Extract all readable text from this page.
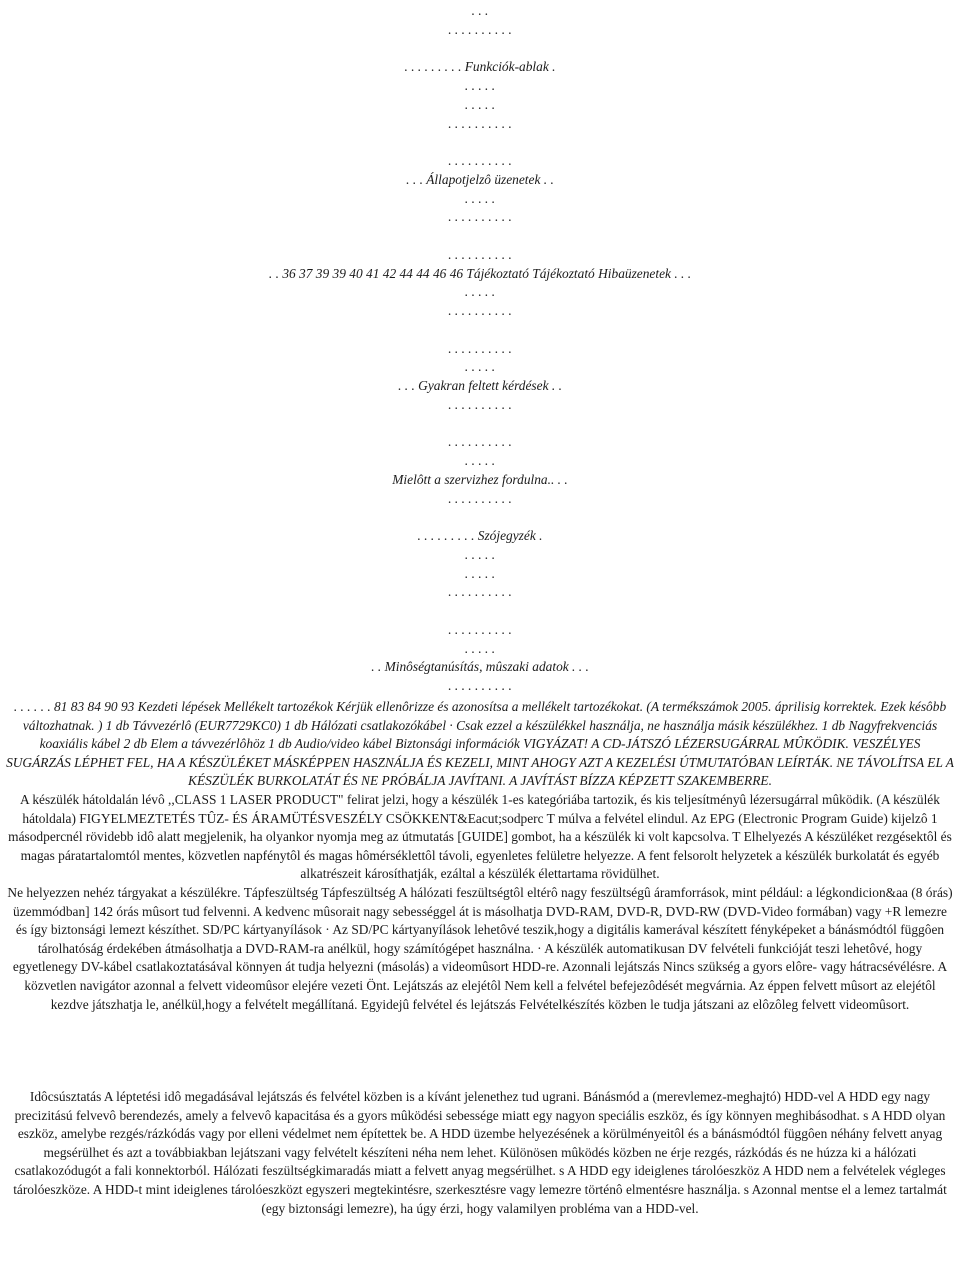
. . .
. . . . . . . . . .
. . . . . . . . . Funkciók-ablak .
. . . . .
. . . . .
. . . . . . . . . .
. . . . . . . . . .
. . . Állapotjelzô üzenetek . .
. . . . .
. . . . . . . . . .
. . . . . . . . . .
. . 36 37 39 39 40 41 42 44 44 46 46 Tájékoztató Tájékoztató Hibaüzenetek . . .
. . . . .
. . . . . . . . . .
. . . . . . . . . .
. . . . .
. . . Gyakran feltett kérdések . .
. . . . . . . . . .
. . . . . . . . . .
. . . . .
Mielôtt a szervizhez fordulna.. . .
. . . . . . . . . .
. . . . . . . . . Szójegyzék .
. . . . .
. . . . .
. . . . . . . . . .
. . . . . . . . . .
. . . . .
. . Minôségtanúsítás, mûszaki adatok . . .
. . . . . . . . . .

. . . . . . 81 83 84 90 93 Kezdeti lépések Mellékelt tartozékok Kérjük ellenôrizze és azonosítsa a mellékelt tartozékokat. (A termékszámok 2005. áprilisig korrektek. Ezek késôbb változhatnak. ) 1 db Távvezérlô (EUR7729KC0) 1 db Hálózati csatlakozókábel · Csak ezzel a készülékkel használja, ne használja másik készülékhez. 1 db Nagyfrekvenciás koaxiális kábel 2 db Elem a távvezérlôhöz 1 db Audio/video kábel Biztonsági információk VIGYÁZAT! A CD-JÁTSZÓ LÉZERSUGÁRRAL MÛKÖDIK. VESZÉLYES SUGÁRZÁS LÉPHET FEL, HA A KÉSZÜLÉKET MÁSKÉPPEN HASZNÁLJA ÉS KEZELI, MINT AHOGY AZT A KEZELÉSI ÚTMUTATÓBAN LEÍRTÁK. NE TÁVOLÍTSA EL A KÉSZÜLÉK BURKOLATÁT ÉS NE PRÓBÁLJA JAVÍTANI. A JAVÍTÁST BÍZZA KÉPZETT SZAKEMBERRE.

A készülék hátoldalán lévô ,,CLASS 1 LASER PRODUCT" felirat jelzi, hogy a készülék 1-es kategóriába tartozik, és kis teljesítményû lézersugárral mûködik. (A készülék hátoldala) FIGYELMEZTETÉS TÛZ- ÉS ÁRAMÜTÉSVESZÉLY CSÖKKENT&Eacut;sodperc T múlva a felvétel elindul. Az EPG (Electronic Program Guide) kijelzô 1 másodpercnél rövidebb idô alatt megjelenik, ha olyankor nyomja meg az útmutatás [GUIDE] gombot, ha a készülék ki volt kapcsolva. T Elhelyezés A készüléket rezgésektôl és magas páratartalomtól mentes, közvetlen napfénytôl és magas hômérséklettôl távoli, egyenletes felületre helyezze. A fent felsorolt helyzetek a készülék burkolatát és egyéb alkatrészeit károsíthatják, ezáltal a készülék élettartama rövidülhet.

Ne helyezzen nehéz tárgyakat a készülékre. Tápfeszültség Tápfeszültség A hálózati feszültségtôl eltérô nagy feszültségû áramforrások, mint például: a légkondicion&aa (8 órás) üzemmódban] 142 órás mûsort tud felvenni. A kedvenc mûsorait nagy sebességgel át is másolhatja DVD-RAM, DVD-R, DVD-RW (DVD-Video formában) vagy +R lemezre és így biztonsági lemezt készíthet. SD/PC kártyanyílások · Az SD/PC kártyanyílások lehetôvé teszik,hogy a digitális kamerával készített fényképeket a bánásmódtól függôen tárolhatóság érdekében átmásolhatja a DVD-RAM-ra anélkül, hogy számítógépet használna. · A készülék automatikusan DV felvételi funkcióját teszi lehetôvé, hogy egyetlenegy DV-kábel csatlakoztatásával könnyen át tudja helyezni (másolás) a videomûsort HDD-re. Azonnali lejátszás Nincs szükség a gyors elôre- vagy hátracsévélésre. A közvetlen navigátor azonnal a felvett videomûsor elejére vezeti Önt. Lejátszás az elejétôl Nem kell a felvétel befejezôdését megvárnia. Az éppen felvett mûsort az elejétôl kezdve játszhatja le, anélkül,hogy a felvételt megállítaná. Egyidejû felvétel és lejátszás Felvételkészítés közben le tudja játszani az elôzôleg felvett videomûsort.

Idôcsúsztatás A léptetési idô megadásával lejátszás és felvétel közben is a kívánt jelenethez tud ugrani. Bánásmód a (merevlemez-meghajtó) HDD-vel A HDD egy nagy precizitású felvevô berendezés, amely a felvevô kapacitása és a gyors mûködési sebessége miatt egy nagyon speciális eszköz, és így könnyen meghibásodhat. s A HDD olyan eszköz, amelybe rezgés/rázkódás vagy por elleni védelmet nem építettek be. A HDD üzembe helyezésének a körülményeitôl és a bánásmódtól függôen néhány felvett anyag megsérülhet és azt a továbbiakban lejátszani vagy felvételt készíteni néha nem lehet. Különösen mûködés közben ne érje rezgés, rázkódás és ne húzza ki a hálózati csatlakozódugót a fali konnektorból. Hálózati feszültségkimaradás miatt a felvett anyag megsérülhet. s A HDD egy ideiglenes tárolóeszköz A HDD nem a felvételek végleges tárolóeszköze. A HDD-t mint ideiglenes tárolóeszközt egyszeri megtekintésre, szerkesztésre vagy lemezre történô elmentésre használja. s Azonnal mentse el a lemez tartalmát (egy biztonsági lemezre), ha úgy érzi, hogy valamilyen probléma van a HDD-vel.
